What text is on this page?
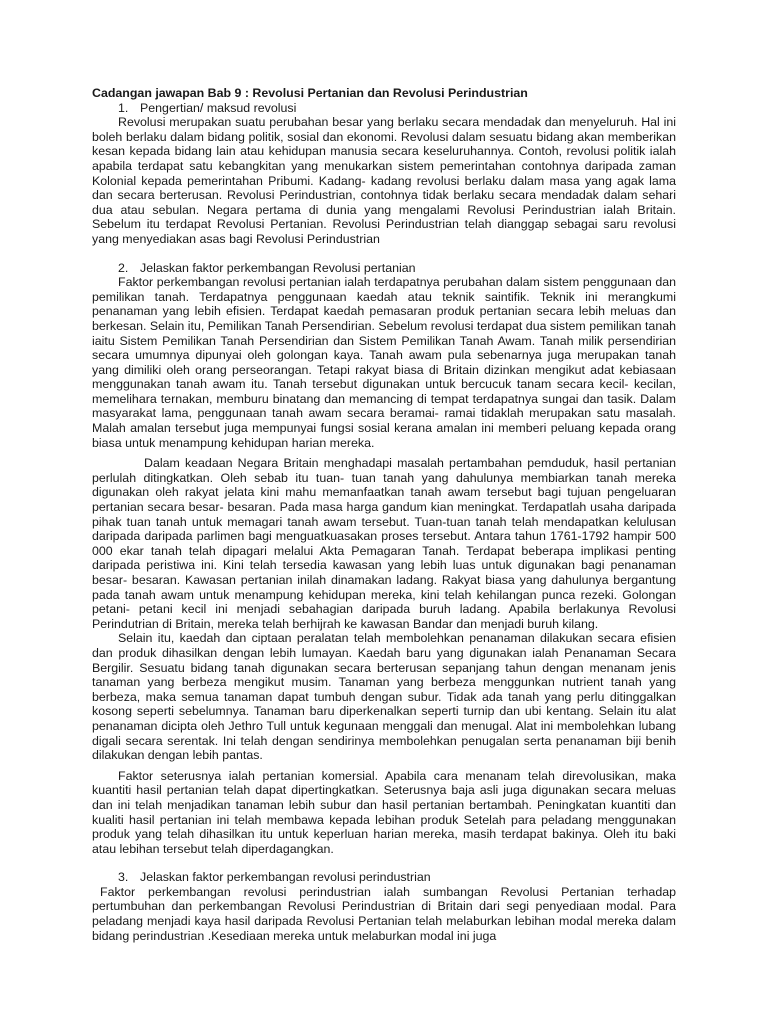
Cadangan jawapan Bab 9 : Revolusi Pertanian dan Revolusi Perindustrian
1. Pengertian/ maksud revolusi

Revolusi merupakan suatu perubahan besar yang berlaku secara mendadak dan menyeluruh. Hal ini boleh berlaku dalam bidang politik, sosial dan ekonomi. Revolusi dalam sesuatu bidang akan memberikan kesan kepada bidang lain atau kehidupan manusia secara keseluruhannya. Contoh, revolusi politik ialah apabila terdapat satu kebangkitan yang menukarkan sistem pemerintahan contohnya daripada zaman Kolonial kepada pemerintahan Pribumi. Kadang- kadang revolusi berlaku dalam masa yang agak lama dan secara berterusan. Revolusi Perindustrian, contohnya tidak berlaku secara mendadak dalam sehari dua atau sebulan. Negara pertama di dunia yang mengalami Revolusi Perindustrian ialah Britain. Sebelum itu terdapat Revolusi Pertanian. Revolusi Perindustrian telah dianggap sebagai saru revolusi yang menyediakan asas bagi Revolusi Perindustrian

2. Jelaskan faktor perkembangan Revolusi pertanian

Faktor perkembangan revolusi pertanian ialah terdapatnya perubahan dalam sistem penggunaan dan pemilikan tanah. Terdapatnya penggunaan kaedah atau teknik saintifik. Teknik ini merangkumi penanaman yang lebih efisien. Terdapat kaedah pemasaran produk pertanian secara lebih meluas dan berkesan. Selain itu, Pemilikan Tanah Persendirian. Sebelum revolusi terdapat dua sistem pemilikan tanah iaitu Sistem Pemilikan Tanah Persendirian dan Sistem Pemilikan Tanah Awam. Tanah milik persendirian secara umumnya dipunyai oleh golongan kaya. Tanah awam pula sebenarnya juga merupakan tanah yang dimiliki oleh orang perseorangan. Tetapi rakyat biasa di Britain dizinkan mengikut adat kebiasaan menggunakan tanah awam itu. Tanah tersebut digunakan untuk bercucuk tanam secara kecil- kecilan, memelihara ternakan, memburu binatang dan memancing di tempat terdapatnya sungai dan tasik. Dalam masyarakat lama, penggunaan tanah awam secara beramai- ramai tidaklah merupakan satu masalah. Malah amalan tersebut juga mempunyai fungsi sosial kerana amalan ini memberi peluang kepada orang biasa untuk menampung kehidupan harian mereka.

Dalam keadaan Negara Britain menghadapi masalah pertambahan pemduduk, hasil pertanian perlulah ditingkatkan. Oleh sebab itu tuan- tuan tanah yang dahulunya membiarkan tanah mereka digunakan oleh rakyat jelata kini mahu memanfaatkan tanah awam tersebut bagi tujuan pengeluaran pertanian secara besar- besaran. Pada masa harga gandum kian meningkat. Terdapatlah usaha daripada pihak tuan tanah untuk memagari tanah awam tersebut. Tuan-tuan tanah telah mendapatkan kelulusan daripada daripada parlimen bagi menguatkuasakan proses tersebut. Antara tahun 1761-1792 hampir 500 000 ekar tanah telah dipagari melalui Akta Pemagaran Tanah. Terdapat beberapa implikasi penting daripada peristiwa ini. Kini telah tersedia kawasan yang lebih luas untuk digunakan bagi penanaman besar- besaran. Kawasan pertanian inilah dinamakan ladang. Rakyat biasa yang dahulunya bergantung pada tanah awam untuk menampung kehidupan mereka, kini telah kehilangan punca rezeki. Golongan petani- petani kecil ini menjadi sebahagian daripada buruh ladang. Apabila berlakunya Revolusi Perindutrian di Britain, mereka telah berhijrah ke kawasan Bandar dan menjadi buruh kilang.

Selain itu, kaedah dan ciptaan peralatan telah membolehkan penanaman dilakukan secara efisien dan produk dihasilkan dengan lebih lumayan. Kaedah baru yang digunakan ialah Penanaman Secara Bergilir. Sesuatu bidang tanah digunakan secara berterusan sepanjang tahun dengan menanam jenis tanaman yang berbeza mengikut musim. Tanaman yang berbeza menggunkan nutrient tanah yang berbeza, maka semua tanaman dapat tumbuh dengan subur. Tidak ada tanah yang perlu ditinggalkan kosong seperti sebelumnya. Tanaman baru diperkenalkan seperti turnip dan ubi kentang. Selain itu alat penanaman dicipta oleh Jethro Tull untuk kegunaan menggali dan menugal. Alat ini membolehkan lubang digali secara serentak. Ini telah dengan sendirinya membolehkan penugalan serta penanaman biji benih dilakukan dengan lebih pantas.

Faktor seterusnya ialah pertanian komersial. Apabila cara menanam telah direvolusikan, maka kuantiti hasil pertanian telah dapat dipertingkatkan. Seterusnya baja asli juga digunakan secara meluas dan ini telah menjadikan tanaman lebih subur dan hasil pertanian bertambah. Peningkatan kuantiti dan kualiti hasil pertanian ini telah membawa kepada lebihan produk Setelah para peladang menggunakan produk yang telah dihasilkan itu untuk keperluan harian mereka, masih terdapat bakinya. Oleh itu baki atau lebihan tersebut telah diperdagangkan.

3. Jelaskan faktor perkembangan revolusi perindustrian

Faktor perkembangan revolusi perindustrian ialah sumbangan Revolusi Pertanian terhadap pertumbuhan dan perkembangan Revolusi Perindustrian di Britain dari segi penyediaan modal. Para peladang menjadi kaya hasil daripada Revolusi Pertanian telah melaburkan lebihan modal mereka dalam bidang perindustrian .Kesediaan mereka untuk melaburkan modal ini juga
